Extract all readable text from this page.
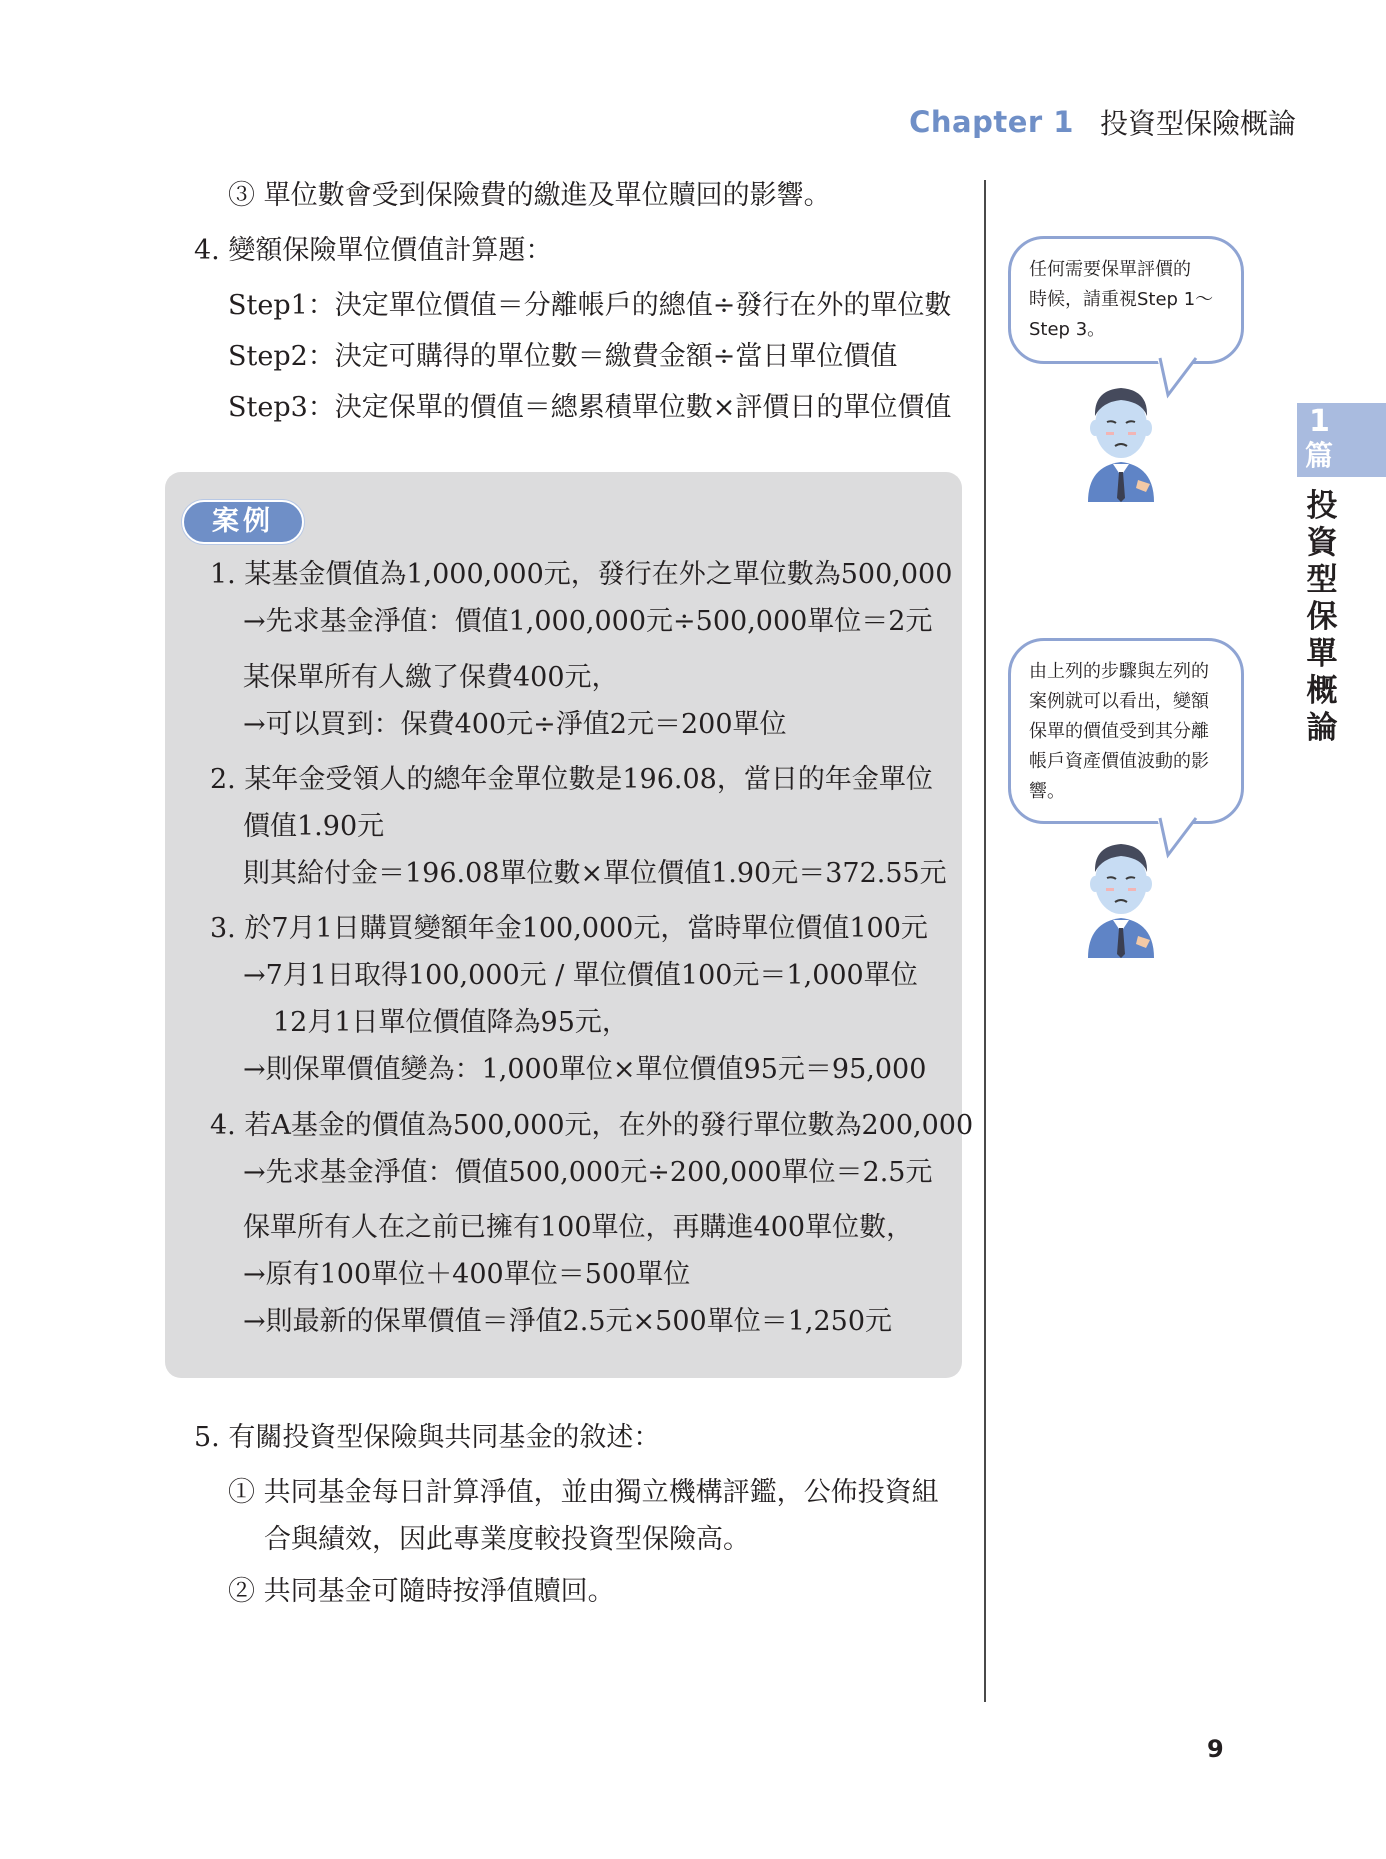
Chapter 1 投資型保險概論
③ 單位數會受到保險費的繳進及單位贖回的影響。
4. 變額保險單位價值計算題：
Step1：決定單位價值＝分離帳戶的總值÷發行在外的單位數
Step2：決定可購得的單位數＝繳費金額÷當日單位價值
Step3：決定保單的價值＝總累積單位數×評價日的單位價值
案例
1. 某基金價值為1,000,000元，發行在外之單位數為500,000
→先求基金淨值：價值1,000,000元÷500,000單位＝2元
某保單所有人繳了保費400元，
→可以買到：保費400元÷淨值2元＝200單位
2. 某年金受領人的總年金單位數是196.08，當日的年金單位
價值1.90元
則其給付金＝196.08單位數×單位價值1.90元＝372.55元
3. 於7月1日購買變額年金100,000元，當時單位價值100元
→7月1日取得100,000元 / 單位價值100元＝1,000單位
12月1日單位價值降為95元，
→則保單價值變為：1,000單位×單位價值95元＝95,000
4. 若A基金的價值為500,000元，在外的發行單位數為200,000
→先求基金淨值：價值500,000元÷200,000單位＝2.5元
保單所有人在之前已擁有100單位，再購進400單位數，
→原有100單位＋400單位＝500單位
→則最新的保單價值＝淨值2.5元×500單位＝1,250元
5. 有關投資型保險與共同基金的敘述：
① 共同基金每日計算淨值，並由獨立機構評鑑，公佈投資組
合與績效，因此專業度較投資型保險高。
② 共同基金可隨時按淨值贖回。
任何需要保單評價的
時候，請重視Step 1～
Step 3。
由上列的步驟與左列的
案例就可以看出，變額
保單的價值受到其分離
帳戶資產價值波動的影
響。
1
篇
投資型保單概論
9
